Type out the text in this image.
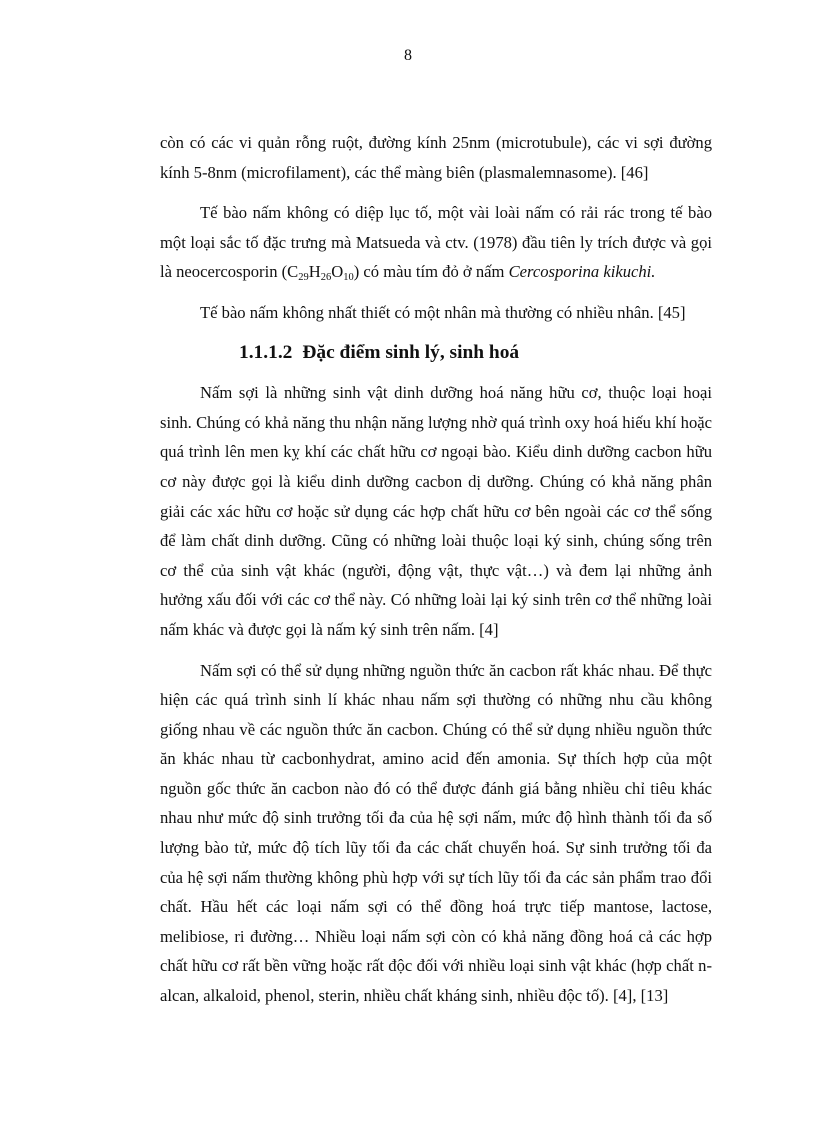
8

còn có các vi quản rỗng ruột, đường kính 25nm (microtubule), các vi sợi đường kính 5-8nm (microfilament), các thể màng biên (plasmalemnasome). [46]

Tế bào nấm không có diệp lục tố, một vài loài nấm có rải rác trong tế bào một loại sắc tố đặc trưng mà Matsueda và ctv. (1978) đầu tiên ly trích được và gọi là neocercosporin $(C_{29}H_{26}O_{10})$ có màu tím đỏ ở nấm Cercosporina kikuchi.

Tế bào nấm không nhất thiết có một nhân mà thường có nhiều nhân. [45]

1.1.1.2 Đặc điểm sinh lý, sinh hoá

Nấm sợi là những sinh vật dinh dưỡng hoá năng hữu cơ, thuộc loại hoại sinh. Chúng có khả năng thu nhận năng lượng nhờ quá trình oxy hoá hiếu khí hoặc quá trình lên men kỵ khí các chất hữu cơ ngoại bào. Kiểu dinh dưỡng cacbon hữu cơ này được gọi là kiểu dinh dưỡng cacbon dị dưỡng. Chúng có khả năng phân giải các xác hữu cơ hoặc sử dụng các hợp chất hữu cơ bên ngoài các cơ thể sống để làm chất dinh dưỡng. Cũng có những loài thuộc loại ký sinh, chúng sống trên cơ thể của sinh vật khác (người, động vật, thực vật…) và đem lại những ảnh hưởng xấu đối với các cơ thể này. Có những loài lại ký sinh trên cơ thể những loài nấm khác và được gọi là nấm ký sinh trên nấm. [4]

Nấm sợi có thể sử dụng những nguồn thức ăn cacbon rất khác nhau. Để thực hiện các quá trình sinh lí khác nhau nấm sợi thường có những nhu cầu không giống nhau về các nguồn thức ăn cacbon. Chúng có thể sử dụng nhiều nguồn thức ăn khác nhau từ cacbonhydrat, amino acid đến amonia. Sự thích hợp của một nguồn gốc thức ăn cacbon nào đó có thể được đánh giá bằng nhiều chỉ tiêu khác nhau như mức độ sinh trưởng tối đa của hệ sợi nấm, mức độ hình thành tối đa số lượng bào tử, mức độ tích lũy tối đa các chất chuyển hoá. Sự sinh trưởng tối đa của hệ sợi nấm thường không phù hợp với sự tích lũy tối đa các sản phẩm trao đổi chất. Hầu hết các loại nấm sợi có thể đồng hoá trực tiếp mantose, lactose, melibiose, ri đường… Nhiều loại nấm sợi còn có khả năng đồng hoá cả các hợp chất hữu cơ rất bền vững hoặc rất độc đối với nhiều loại sinh vật khác (hợp chất n-alcan, alkaloid, phenol, sterin, nhiều chất kháng sinh, nhiều độc tố). [4], [13]
